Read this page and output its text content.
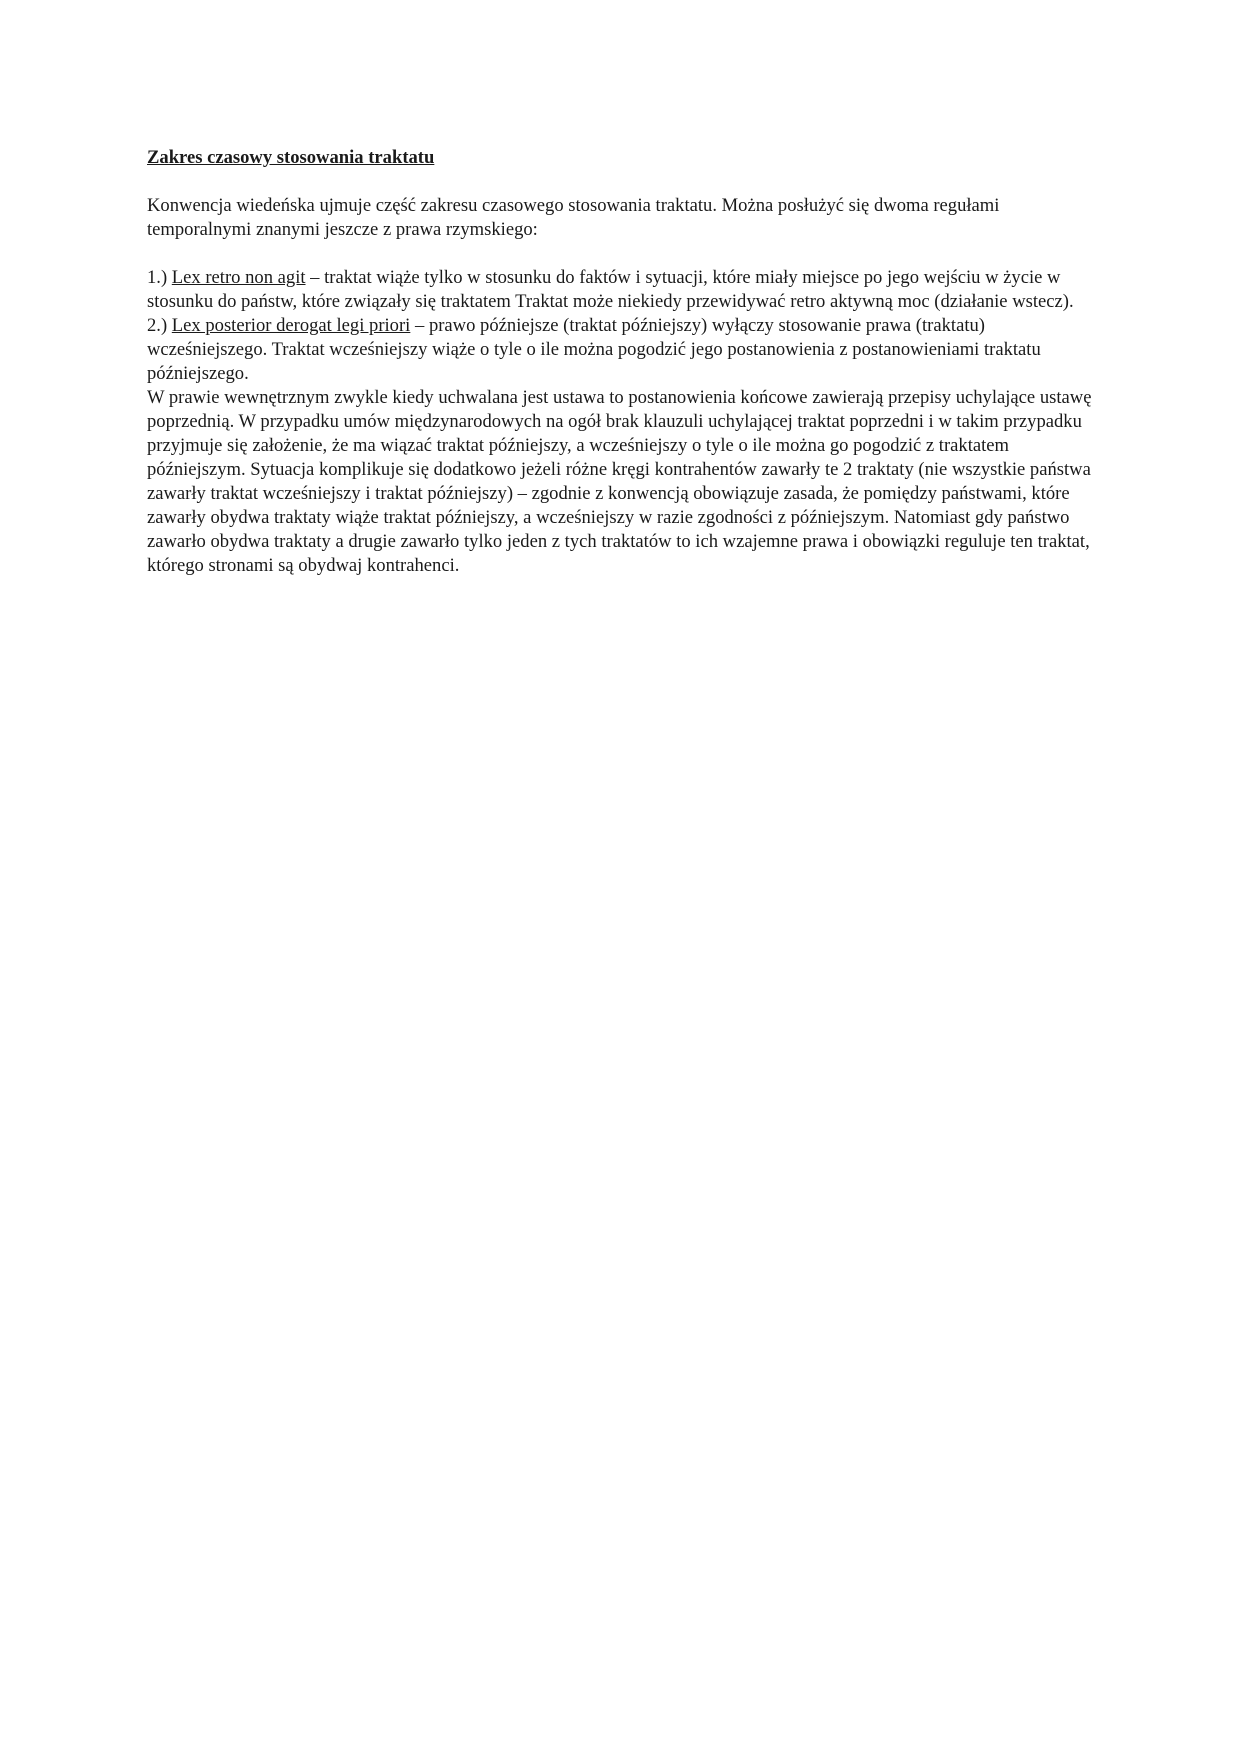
Zakres czasowy stosowania traktatu

Konwencja wiedeńska ujmuje część zakresu czasowego stosowania traktatu. Można posłużyć się dwoma regułami temporalnymi znanymi jeszcze z prawa rzymskiego:

1.) Lex retro non agit – traktat wiąże tylko w stosunku do faktów i sytuacji, które miały miejsce po jego wejściu w życie w stosunku do państw, które związały się traktatem Traktat może niekiedy przewidywać retro aktywną moc (działanie wstecz).

2.) Lex posterior derogat legi priori – prawo późniejsze (traktat późniejszy) wyłączy stosowanie prawa (traktatu) wcześniejszego. Traktat wcześniejszy wiąże o tyle o ile można pogodzić jego postanowienia z postanowieniami traktatu późniejszego.

W prawie wewnętrznym zwykle kiedy uchwalana jest ustawa to postanowienia końcowe zawierają przepisy uchylające ustawę poprzednią. W przypadku umów międzynarodowych na ogół brak klauzuli uchylającej traktat poprzedni i w takim przypadku przyjmuje się założenie, że ma wiązać traktat późniejszy, a wcześniejszy o tyle o ile można go pogodzić z traktatem późniejszym. Sytuacja komplikuje się dodatkowo jeżeli różne kręgi kontrahentów zawarły te 2 traktaty (nie wszystkie państwa zawarły traktat wcześniejszy i traktat późniejszy) – zgodnie z konwencją obowiązuje zasada, że pomiędzy państwami, które zawarły obydwa traktaty wiąże traktat późniejszy, a wcześniejszy w razie zgodności z późniejszym. Natomiast gdy państwo zawarło obydwa traktaty a drugie zawarło tylko jeden z tych traktatów to ich wzajemne prawa i obowiązki reguluje ten traktat, którego stronami są obydwaj kontrahenci.
